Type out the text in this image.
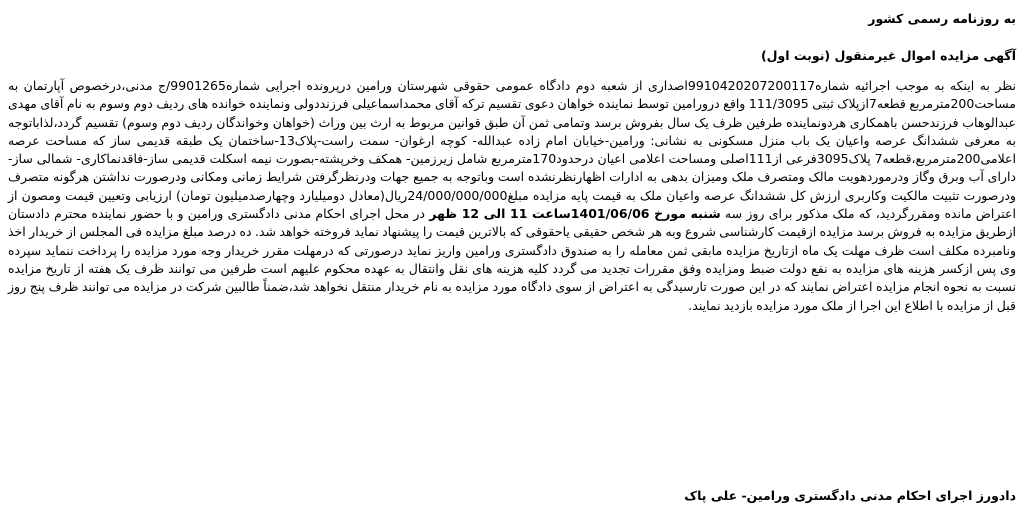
به روزنامه رسمی کشور
آگهی مزایده اموال غیرمنقول (نوبت اول)
نظر به اینکه به موجب اجرائیه شماره9910420207200117اصداری از شعبه دوم دادگاه عمومی حقوقی شهرستان ورامین درپرونده اجرایی شماره9901265/ج مدنی،درخصوص آپارتمان به مساحت200مترمربع قطعه7ازپلاک ثبتی 111/3095 واقع درورامین توسط نماینده خواهان دعوی تقسیم ترکه آقای محمداسماعیلی فرزنددولی ونماینده خوانده های ردیف دوم وسوم به نام آقای مهدی عبدالوهاب فرزندحسن باهمکاری هردونماینده طرفین ظرف یک سال بفروش برسد وتمامی ثمن آن طبق قوانین مربوط به ارث بین وراث (خواهان وخواندگان ردیف دوم وسوم) تقسیم گردد،لذاباتوجه به معرفی ششدانگ عرصه واعیان یک باب منزل مسکونی به نشانی: ورامین-خیابان امام زاده عبدالله- کوچه ارغوان- سمت راست-پلاک13-ساختمان یک طبقه قدیمی ساز که مساحت عرصه اعلامی200مترمربع،قطعه7 پلاک3095فرعی از111اصلی ومساحت اعلامی اعیان درحدود170مترمربع شامل زیرزمین- همکف وخرپشته-بصورت نیمه اسکلت قدیمی ساز-فاقدنماکاری- شمالی ساز- دارای آب وبرق وگاز ودرموردهویت مالک ومتصرف ملک ومیزان بدهی به ادارات اظهارنظرنشده است وباتوجه به جمیع جهات ودرنظرگرفتن شرایط زمانی ومکانی ودرصورت نداشتن هرگونه متصرف ودرصورت تثبیت مالکیت وکاربری ارزش کل ششدانگ عرصه واعیان ملک به قیمت پایه مزایده مبلغ24/000/000/000ریال(معادل دومیلیارد وچهارصدمیلیون تومان) ارزیابی وتعیین قیمت ومصون از اعتراض مانده ومقررگردید، که ملک مذکور برای روز سه شنبه مورخ 1401/06/06ساعت 11 الی 12 ظهر در محل اجرای احکام مدنی دادگستری ورامین و با حضور نماینده محترم دادستان ازطریق مزایده به فروش برسد مزایده ازقیمت کارشناسی شروع وبه هر شخص حقیقی یاحقوقی که بالاترین قیمت را پیشنهاد نماید فروخته خواهد شد. ده درصد مبلغ مزایده فی المجلس از خریدار اخذ ونامبرده مکلف است ظرف مهلت یک ماه ازتاریخ مزایده مابقی ثمن معامله را به صندوق دادگستری ورامین واریز نماید درصورتی که درمهلت مقرر خریدار وجه مورد مزایده را پرداخت ننماید سپرده وی پس ازکسر هزینه های مزایده به نفع دولت ضبط ومزایده وفق مقررات تجدید می گردد کلیه هزینه های نقل وانتقال به عهده محکوم علیهم است طرفین می توانند ظرف یک هفته از تاریخ مزایده نسبت به نحوه انجام مزایده اعتراض نمایند که در این صورت تارسیدگی به اعتراض از سوی دادگاه مورد مزایده به نام خریدار منتقل نخواهد شد،ضمناً طالبین شرکت در مزایده می توانند ظرف پنج روز قبل از مزایده با اطلاع این اجرا از ملک مورد مزایده بازدید نمایند.
دادورز اجرای احکام مدنی دادگستری ورامین- علی پاک
